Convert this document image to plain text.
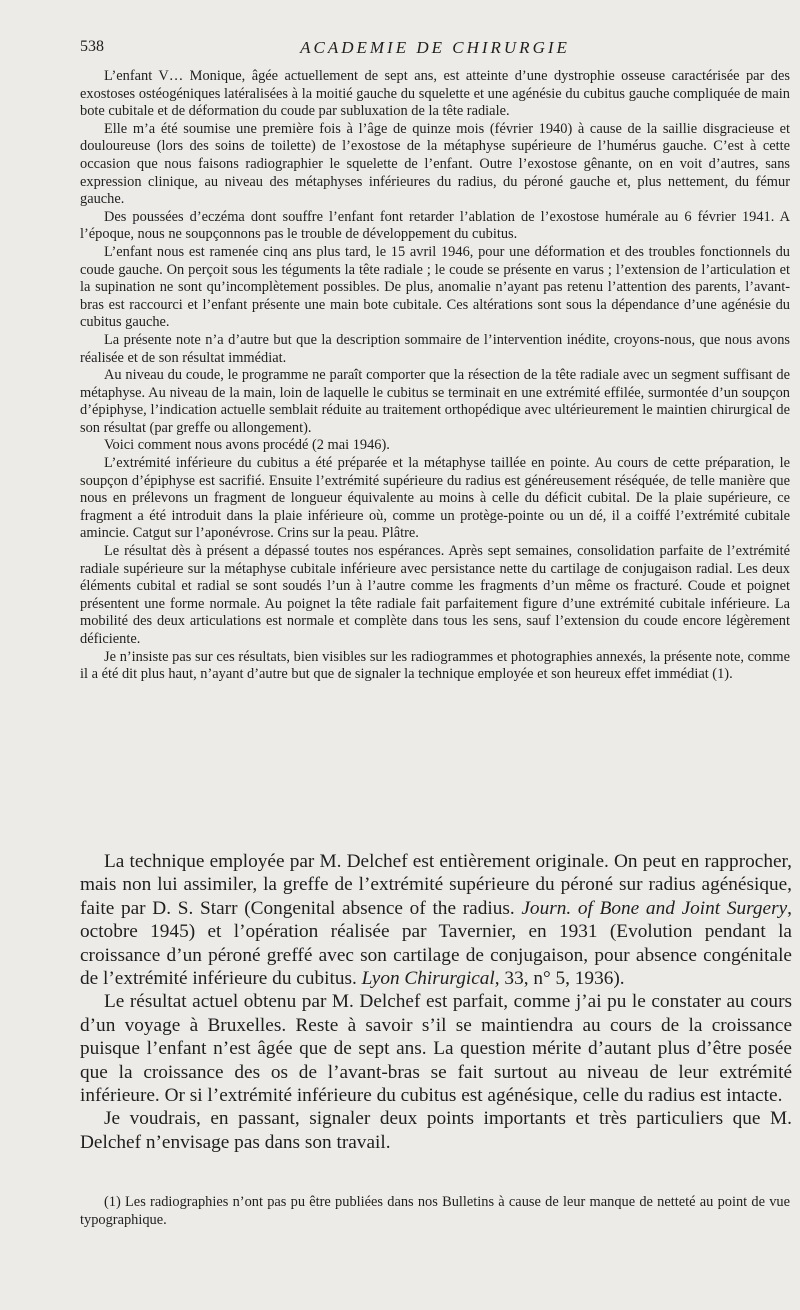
538	ACADEMIE DE CHIRURGIE

L’enfant V… Monique, âgée actuellement de sept ans, est atteinte d’une dystrophie osseuse caractérisée par des exostoses ostéogéniques latéralisées à la moitié gauche du squelette et une agénésie du cubitus gauche compliquée de main bote cubitale et de déformation du coude par subluxation de la tête radiale.

Elle m’a été soumise une première fois à l’âge de quinze mois (février 1940) à cause de la saillie disgracieuse et douloureuse (lors des soins de toilette) de l’exostose de la métaphyse supérieure de l’humérus gauche. C’est à cette occasion que nous faisons radiographier le squelette de l’enfant. Outre l’exostose gênante, on en voit d’autres, sans expression clinique, au niveau des métaphyses inférieures du radius, du péroné gauche et, plus nettement, du fémur gauche.

Des poussées d’eczéma dont souffre l’enfant font retarder l’ablation de l’exostose humérale au 6 février 1941. A l’époque, nous ne soupçonnons pas le trouble de développement du cubitus.

L’enfant nous est ramenée cinq ans plus tard, le 15 avril 1946, pour une déformation et des troubles fonctionnels du coude gauche. On perçoit sous les téguments la tête radiale ; le coude se présente en varus ; l’extension de l’articulation et la supination ne sont qu’incomplètement possibles. De plus, anomalie n’ayant pas retenu l’attention des parents, l’avant-bras est raccourci et l’enfant présente une main bote cubitale. Ces altérations sont sous la dépendance d’une agénésie du cubitus gauche.

La présente note n’a d’autre but que la description sommaire de l’intervention inédite, croyons-nous, que nous avons réalisée et de son résultat immédiat.

Au niveau du coude, le programme ne paraît comporter que la résection de la tête radiale avec un segment suffisant de métaphyse. Au niveau de la main, loin de laquelle le cubitus se terminait en une extrémité effilée, surmontée d’un soupçon d’épiphyse, l’indication actuelle semblait réduite au traitement orthopédique avec ultérieurement le maintien chirurgical de son résultat (par greffe ou allongement).

Voici comment nous avons procédé (2 mai 1946).

L’extrémité inférieure du cubitus a été préparée et la métaphyse taillée en pointe. Au cours de cette préparation, le soupçon d’épiphyse est sacrifié. Ensuite l’extrémité supérieure du radius est généreusement réséquée, de telle manière que nous en prélevons un fragment de longueur équivalente au moins à celle du déficit cubital. De la plaie supérieure, ce fragment a été introduit dans la plaie inférieure où, comme un protège-pointe ou un dé, il a coiffé l’extrémité cubitale amincie. Catgut sur l’aponévrose. Crins sur la peau. Plâtre.

Le résultat dès à présent a dépassé toutes nos espérances. Après sept semaines, consolidation parfaite de l’extrémité radiale supérieure sur la métaphyse cubitale inférieure avec persistance nette du cartilage de conjugaison radial. Les deux éléments cubital et radial se sont soudés l’un à l’autre comme les fragments d’un même os fracturé. Coude et poignet présentent une forme normale. Au poignet la tête radiale fait parfaitement figure d’une extrémité cubitale inférieure. La mobilité des deux articulations est normale et complète dans tous les sens, sauf l’extension du coude encore légèrement déficiente.

Je n’insiste pas sur ces résultats, bien visibles sur les radiogrammes et photographies annexés, la présente note, comme il a été dit plus haut, n’ayant d’autre but que de signaler la technique employée et son heureux effet immédiat (1).

La technique employée par M. Delchef est entièrement originale. On peut en rapprocher, mais non lui assimiler, la greffe de l’extrémité supérieure du péroné sur radius agénésique, faite par D. S. Starr (Congenital absence of the radius. Journ. of Bone and Joint Surgery, octobre 1945) et l’opération réalisée par Tavernier, en 1931 (Evolution pendant la croissance d’un péroné greffé avec son cartilage de conjugaison, pour absence congénitale de l’extrémité inférieure du cubitus. Lyon Chirurgical, 33, n° 5, 1936).

Le résultat actuel obtenu par M. Delchef est parfait, comme j’ai pu le constater au cours d’un voyage à Bruxelles. Reste à savoir s’il se maintiendra au cours de la croissance puisque l’enfant n’est âgée que de sept ans. La question mérite d’autant plus d’être posée que la croissance des os de l’avant-bras se fait surtout au niveau de leur extrémité inférieure. Or si l’extrémité inférieure du cubitus est agénésique, celle du radius est intacte.

Je voudrais, en passant, signaler deux points importants et très particuliers que M. Delchef n’envisage pas dans son travail.

(1) Les radiographies n’ont pas pu être publiées dans nos Bulletins à cause de leur manque de netteté au point de vue typographique.
